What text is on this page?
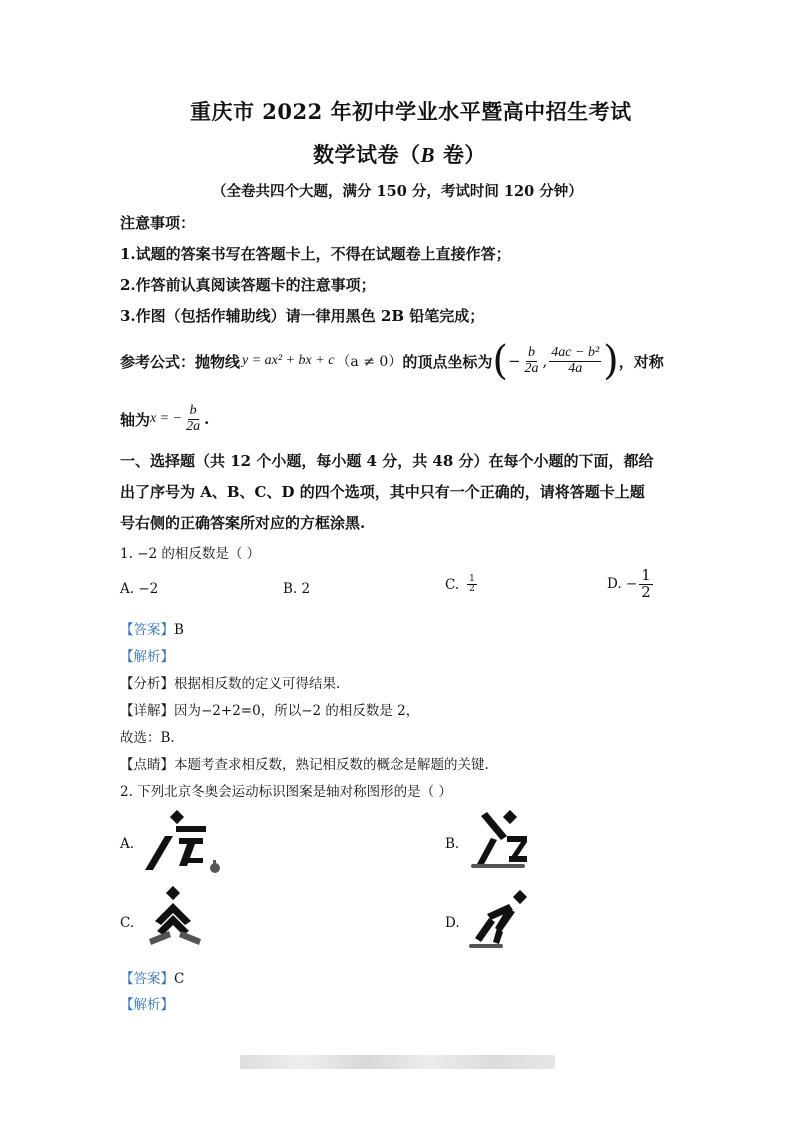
重庆市 2022 年初中学业水平暨高中招生考试
数学试卷（B 卷）
（全卷共四个大题，满分 150 分，考试时间 120 分钟）
注意事项：
1.试题的答案书写在答题卡上，不得在试题卷上直接作答；
2.作答前认真阅读答题卡的注意事项；
3.作图（包括作辅助线）请一律用黑色 2B 铅笔完成；
参考公式：抛物线 y = ax² + bx + c （a ≠ 0） 的顶点坐标为 ( − $\frac{b}{2a}$ , $\frac{\text{4ac − b²}}{4a}$ ) ，对称
轴为 x = − $\frac{b}{2a}$ .
一、选择题（共 12 个小题，每小题 4 分，共 48 分）在每个小题的下面，都给
出了序号为 A、B、C、D 的四个选项，其中只有一个正确的，请将答题卡上题
号右侧的正确答案所对应的方框涂黑.
1. −2 的相反数是（ ）
A. −2	B. 2	C. $\frac{1}{2}$	D. − $\frac{1}{2}$
【答案】B
【解析】
【分析】根据相反数的定义可得结果.
【详解】因为−2+2=0，所以−2 的相反数是 2，
故选：B.
【点睛】本题考查求相反数，熟记相反数的概念是解题的关键.
2. 下列北京冬奥会运动标识图案是轴对称图形的是（ ）
A.	B.
C.	D.
【答案】C
【解析】
